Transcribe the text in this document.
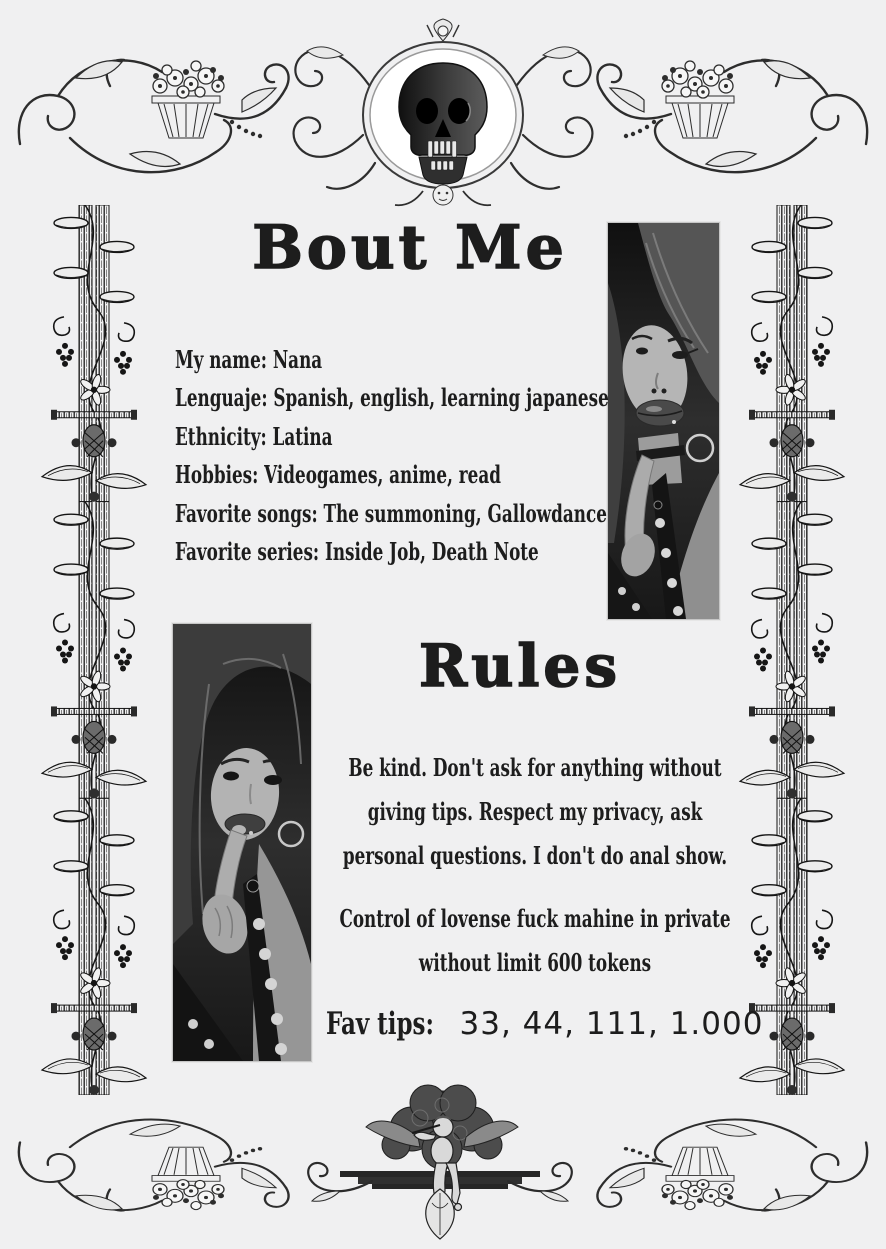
Bout Me
My name: Nana
Lenguaje: Spanish, english, learning japanese
Ethnicity: Latina
Hobbies: Videogames, anime, read
Favorite songs: The summoning, Gallowdance
Favorite series: Inside Job, Death Note
Rules
Be kind. Don't ask for anything without
giving tips. Respect my privacy, ask
personal questions. I don't do anal show.
Control of lovense fuck mahine in private
without limit 600 tokens
Fav tips: 33, 44, 111, 1.000
